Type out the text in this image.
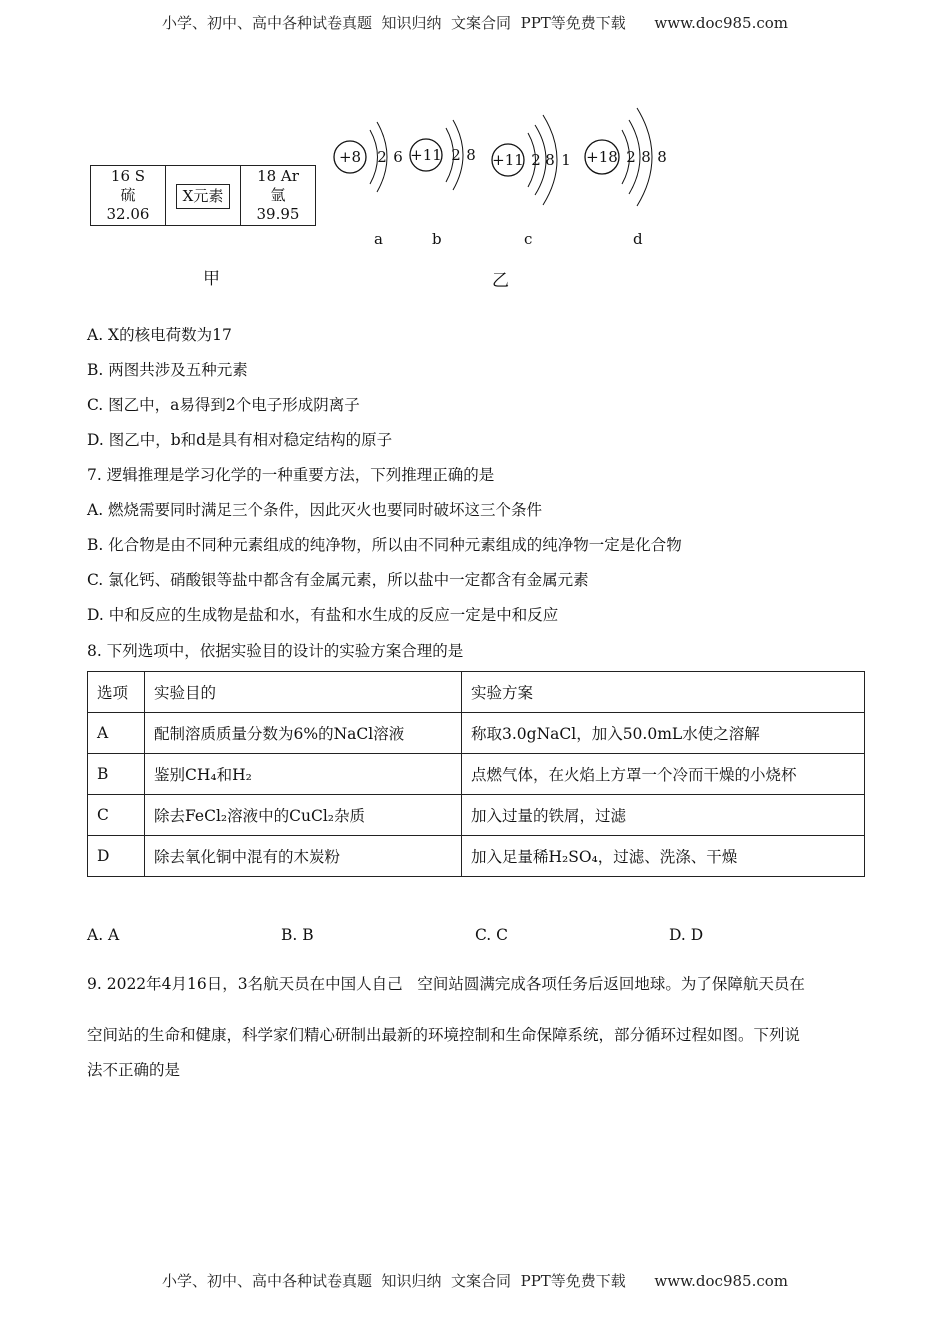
小学、初中、高中各种试卷真题  知识归纳  文案合同  PPT等免费下载 www.doc985.com
16 S
硫
32.06
X元素
18 Ar
氩
39.95
甲
+8 2 6 +11 2 8 +11 2 8 1 +18 2 8 8
a	b	c	d
乙
A. X的核电荷数为17
B. 两图共涉及五种元素
C. 图乙中，a易得到2个电子形成阴离子
D. 图乙中，b和d是具有相对稳定结构的原子
7. 逻辑推理是学习化学的一种重要方法，下列推理正确的是
A. 燃烧需要同时满足三个条件，因此灭火也要同时破坏这三个条件
B. 化合物是由不同种元素组成的纯净物，所以由不同种元素组成的纯净物一定是化合物
C. 氯化钙、硝酸银等盐中都含有金属元素，所以盐中一定都含有金属元素
D. 中和反应的生成物是盐和水，有盐和水生成的反应一定是中和反应
8. 下列选项中，依据实验目的设计的实验方案合理的是
选项	实验目的	实验方案
A	配制溶质质量分数为6%的NaCl溶液	称取3.0gNaCl，加入50.0mL水使之溶解
B	鉴别CH₄和H₂	点燃气体，在火焰上方罩一个冷而干燥的小烧杯
C	除去FeCl₂溶液中的CuCl₂杂质	加入过量的铁屑，过滤
D	除去氧化铜中混有的木炭粉	加入足量稀H₂SO₄，过滤、洗涤、干燥
A. A	B. B	C. C	D. D
9. 2022年4月16日，3名航天员在中国人自己   空间站圆满完成各项任务后返回地球。为了保障航天员在
空间站的生命和健康，科学家们精心研制出最新的环境控制和生命保障系统，部分循环过程如图。下列说
法不正确的是
小学、初中、高中各种试卷真题  知识归纳  文案合同  PPT等免费下载 www.doc985.com
